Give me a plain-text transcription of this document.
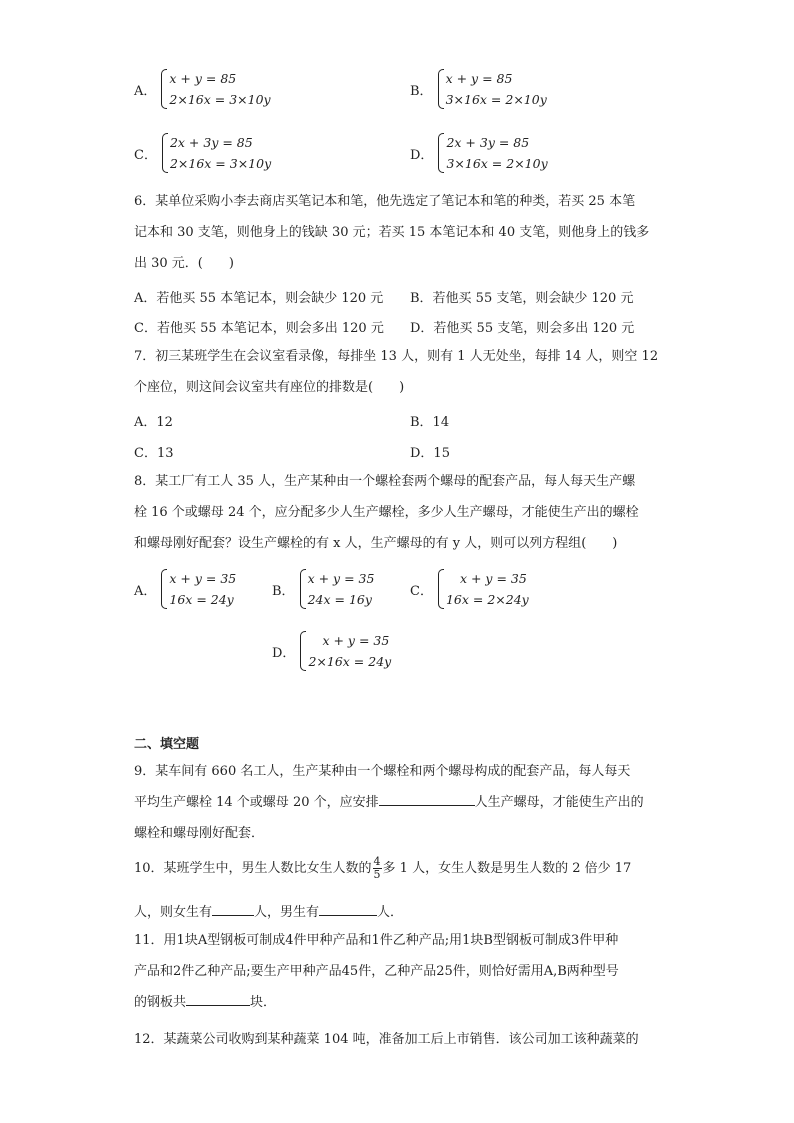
A．
x + y = 85
2×16x = 3×10y
B．
x + y = 85
3×16x = 2×10y
C．
2x + 3y = 85
2×16x = 3×10y
D．
2x + 3y = 85
3×16x = 2×10y
6．某单位采购小李去商店买笔记本和笔，他先选定了笔记本和笔的种类，若买 25 本笔
记本和 30 支笔，则他身上的钱缺 30 元；若买 15 本笔记本和 40 支笔，则他身上的钱多
出 30 元．(　　)
A．若他买 55 本笔记本，则会缺少 120 元 B．若他买 55 支笔，则会缺少 120 元
C．若他买 55 本笔记本，则会多出 120 元 D．若他买 55 支笔，则会多出 120 元
7．初三某班学生在会议室看录像，每排坐 13 人，则有 1 人无处坐，每排 14 人，则空 12
个座位，则这间会议室共有座位的排数是(　　)
A．12	B．14
C．13	D．15
8．某工厂有工人 35 人，生产某种由一个螺栓套两个螺母的配套产品，每人每天生产螺
栓 16 个或螺母 24 个，应分配多少人生产螺栓，多少人生产螺母，才能使生产出的螺栓
和螺母刚好配套？设生产螺栓的有 x 人，生产螺母的有 y 人，则可以列方程组(　　)
A．
x + y = 35
16x = 24y
B．
x + y = 35
24x = 16y
C．
x + y = 35
16x = 2×24y
D．
x + y = 35
2×16x = 24y
二、填空题
9．某车间有 660 名工人，生产某种由一个螺栓和两个螺母构成的配套产品，每人每天
平均生产螺栓 14 个或螺母 20 个，应安排	人生产螺母，才能使生产出的
螺栓和螺母刚好配套．
10．某班学生中，男生人数比女生人数的 $\frac{4}{5}$ 多 1 人，女生人数是男生人数的 2 倍少 17
人，则女生有	人，男生有	人．
11．用1块A型钢板可制成4件甲种产品和1件乙种产品;用1块B型钢板可制成3件甲种
产品和2件乙种产品;要生产甲种产品45件，乙种产品25件，则恰好需用A,B两种型号
的钢板共	块．
12．某蔬菜公司收购到某种蔬菜 104 吨，准备加工后上市销售．该公司加工该种蔬菜的
